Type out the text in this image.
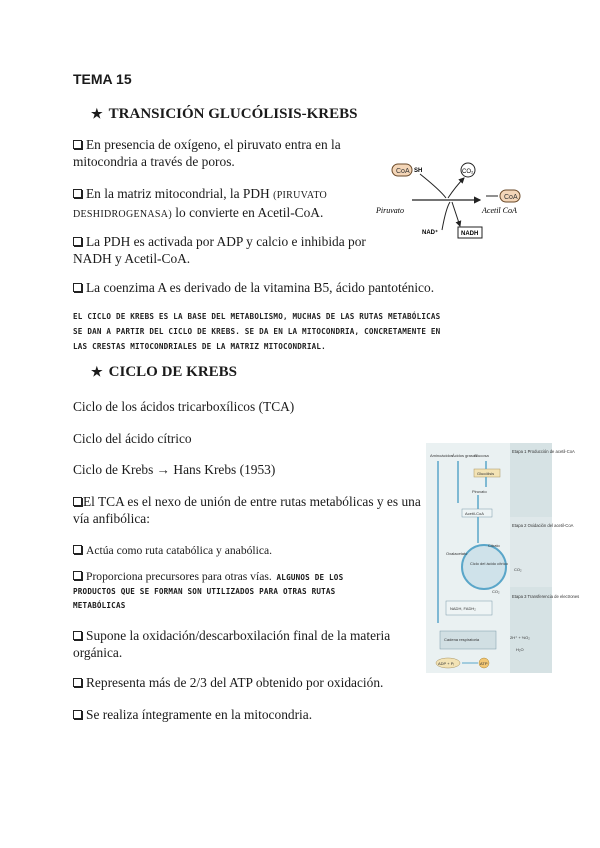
TEMA 15
★ TRANSICIÓN GLUCÓLISIS-KREBS
En presencia de oxígeno, el piruvato entra en la
mitocondria a través de poros.
En la matriz mitocondrial, la PDH (PIRUVATO
DESHIDROGENASA) lo convierte en Acetil-CoA.
La PDH es activada por ADP y calcio e inhibida por
NADH y Acetil-CoA.
La coenzima A es derivado de la vitamina B5, ácido pantoténico.
CoA SH	CO₂
Piruvato
CoA
Acetil CoA
NAD⁺	NADH
EL CICLO DE KREBS ES LA BASE DEL METABOLISMO, MUCHAS DE LAS RUTAS METABÓLICAS
SE DAN A PARTIR DEL CICLO DE KREBS. SE DA EN LA MITOCONDRIA, CONCRETAMENTE EN
LAS CRESTAS MITOCONDRIALES DE LA MATRIZ MITOCONDRIAL.
★ CICLO DE KREBS
Ciclo de los ácidos tricarboxílicos (TCA)
Ciclo del ácido cítrico
Ciclo de Krebs → Hans Krebs (1953)
El TCA es el nexo de unión de entre rutas metabólicas y es una
vía anfibólica:
Actúa como ruta catabólica y anabólica.
Proporciona precursores para otras vías. ALGUNOS DE LOS
PRODUCTOS QUE SE FORMAN SON UTILIZADOS PARA OTRAS RUTAS
METABÓLICAS
Supone la oxidación/descarboxilación final de la materia
orgánica.
Representa más de 2/3 del ATP obtenido por oxidación.
Se realiza íntegramente en la mitocondria.
Etapa 1 Producción de acetil-CoA
Etapa 2 Oxidación del acetil-CoA
Etapa 3 Transferencia de electrones
Aminoácidos Ácidos grasos
Glucosa
Glucólisis
Piruvato
Acetil-CoA
Ciclo del ácido cítrico
Oxalacetato
Citrato
CO₂
CO₂
NADH, FADH₂
Cadena respiratoria	2H⁺ + ½O₂
H₂O
ADP + Pᵢ	ATP
